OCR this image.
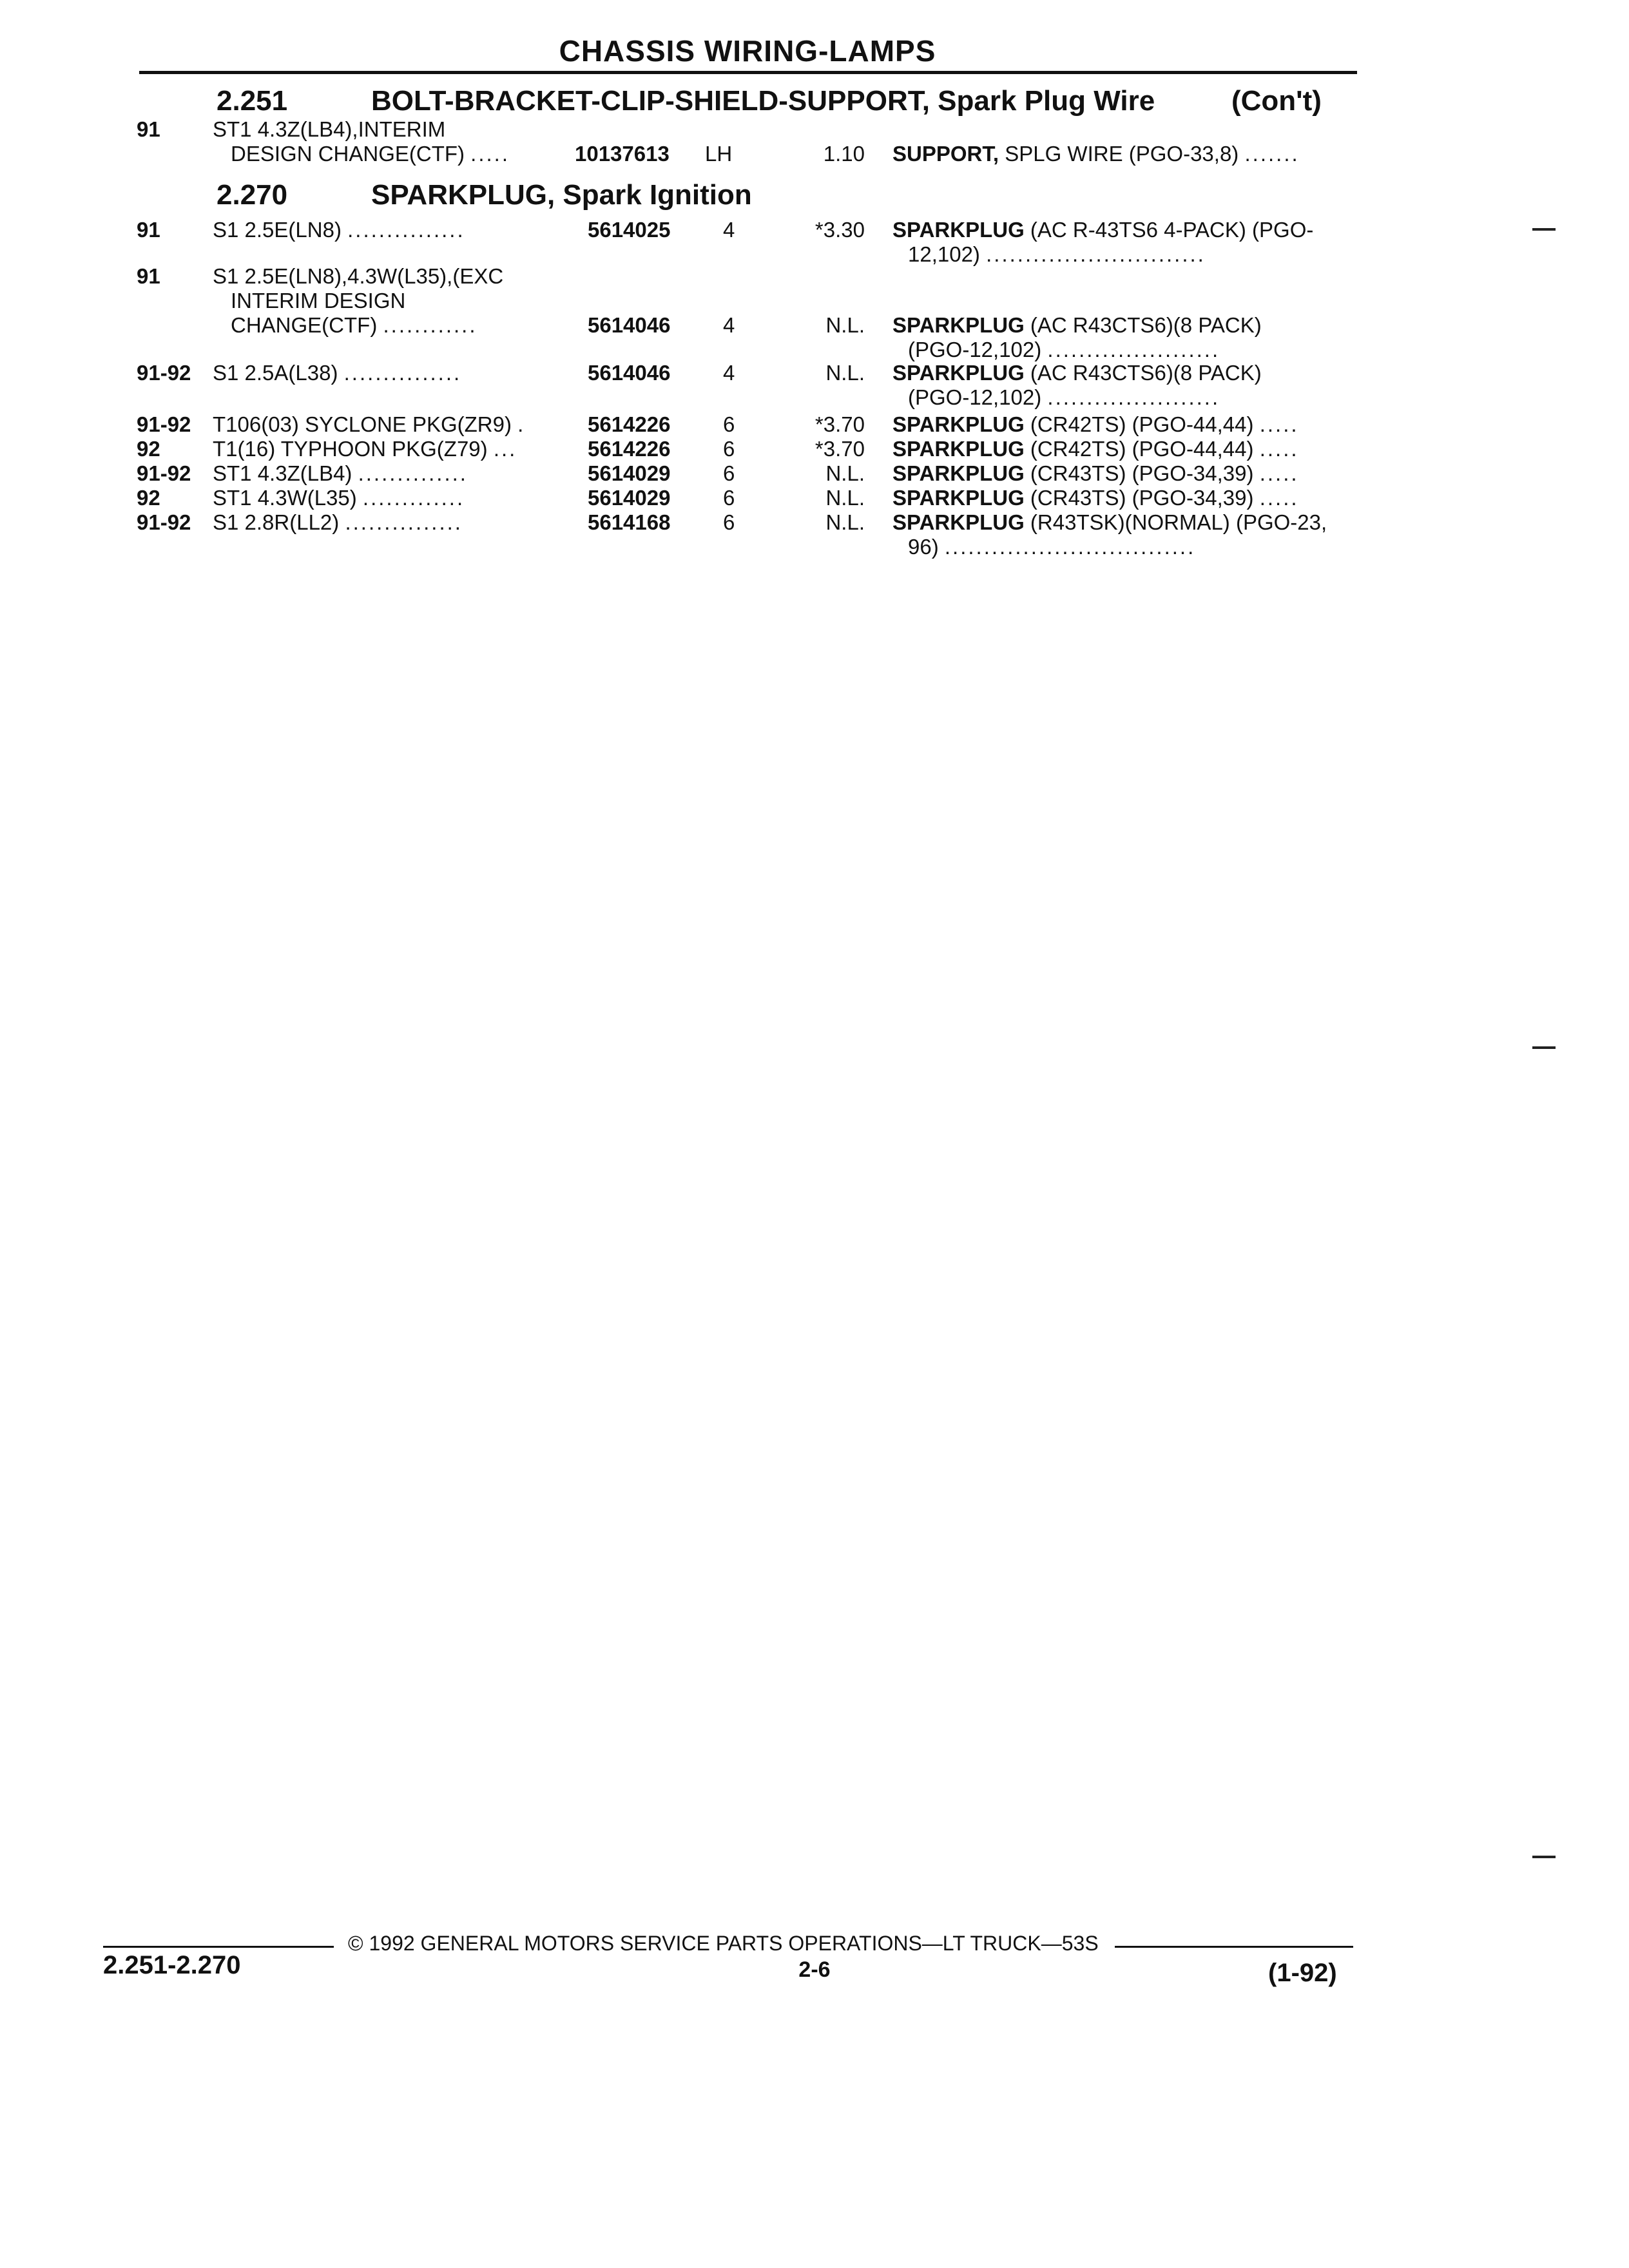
CHASSIS WIRING-LAMPS
2.251	BOLT-BRACKET-CLIP-SHIELD-SUPPORT, Spark Plug Wire	(Con't)
91 ST1 4.3Z(LB4),INTERIM
DESIGN CHANGE(CTF) .....	10137613 LH	1.10 SUPPORT, SPLG WIRE (PGO-33,8) .......
91 S1 2.5E(LN8) ...............	5614025 4	*3.30 SPARKPLUG (AC R-43TS6 4-PACK) (PGO-
12,102) ............................
91 S1 2.5E(LN8),4.3W(L35),(EXC
INTERIM DESIGN
CHANGE(CTF) ............	5614046 4	N.L. SPARKPLUG (AC R43CTS6)(8 PACK)
(PGO-12,102) ......................
91-92 S1 2.5A(L38) ...............	5614046 4	N.L. SPARKPLUG (AC R43CTS6)(8 PACK)
(PGO-12,102) ......................
91-92 T106(03) SYCLONE PKG(ZR9) .	5614226 6	*3.70 SPARKPLUG (CR42TS) (PGO-44,44) .....
92 T1(16) TYPHOON PKG(Z79) ...	5614226 6	*3.70 SPARKPLUG (CR42TS) (PGO-44,44) .....
91-92 ST1 4.3Z(LB4) ..............	5614029 6	N.L. SPARKPLUG (CR43TS) (PGO-34,39) .....
92 ST1 4.3W(L35) .............	5614029 6	N.L. SPARKPLUG (CR43TS) (PGO-34,39) .....
91-92 S1 2.8R(LL2) ...............	5614168 6	N.L. SPARKPLUG (R43TSK)(NORMAL) (PGO-23,
96) ................................
2.270	SPARKPLUG, Spark Ignition
2.251-2.270
© 1992 GENERAL MOTORS SERVICE PARTS OPERATIONS—LT TRUCK—53S
2-6	(1-92)
